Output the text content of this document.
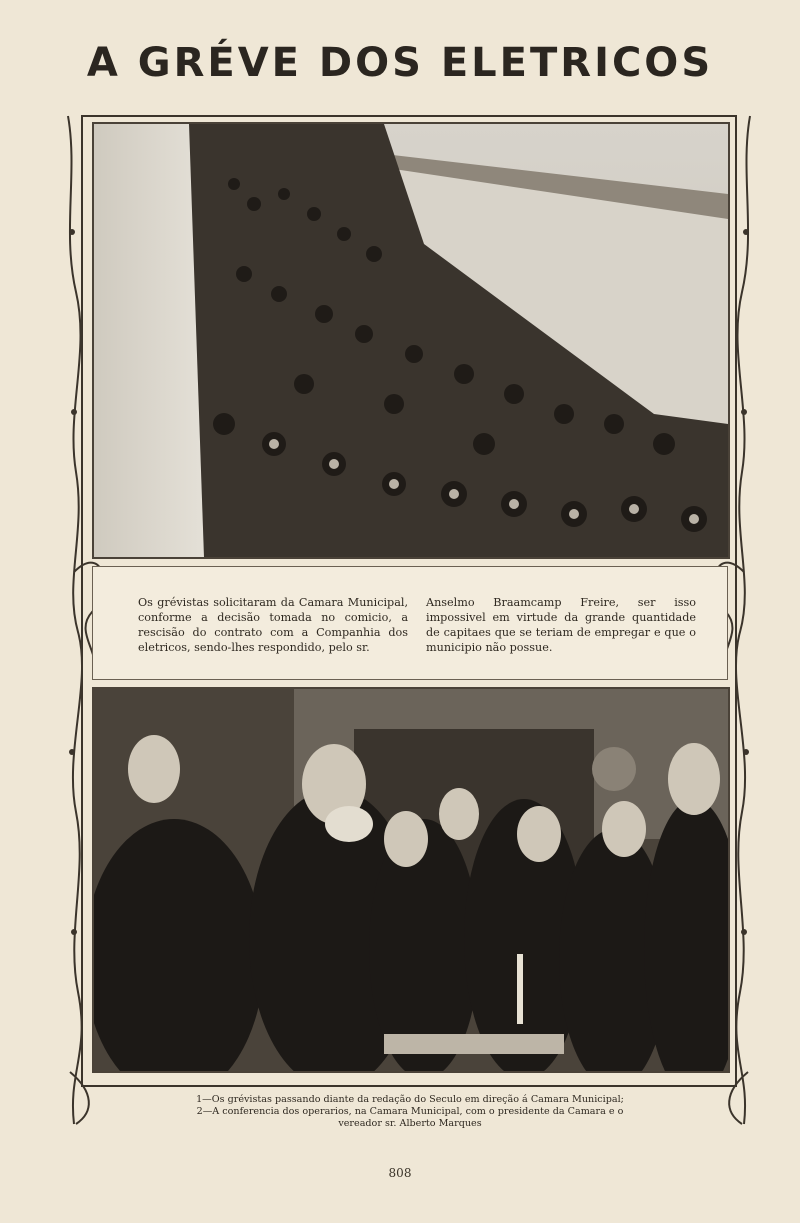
A GRÉVE DOS ELETRICOS
Os grévistas solicitaram da Camara Municipal, conforme a decisão tomada no comicio, a rescisão do contrato com a Companhia dos eletricos, sendo-lhes respondido, pelo sr.
Anselmo Braamcamp Freire, ser isso impossivel em virtude da grande quantidade de capitaes que se teriam de empregar e que o municipio não possue.
1—Os grévistas passando diante da redação do Seculo em direção á Camara Municipal;
2—A conferencia dos operarios, na Camara Municipal, com o presidente da Camara e o
vereador sr. Alberto Marques
808
